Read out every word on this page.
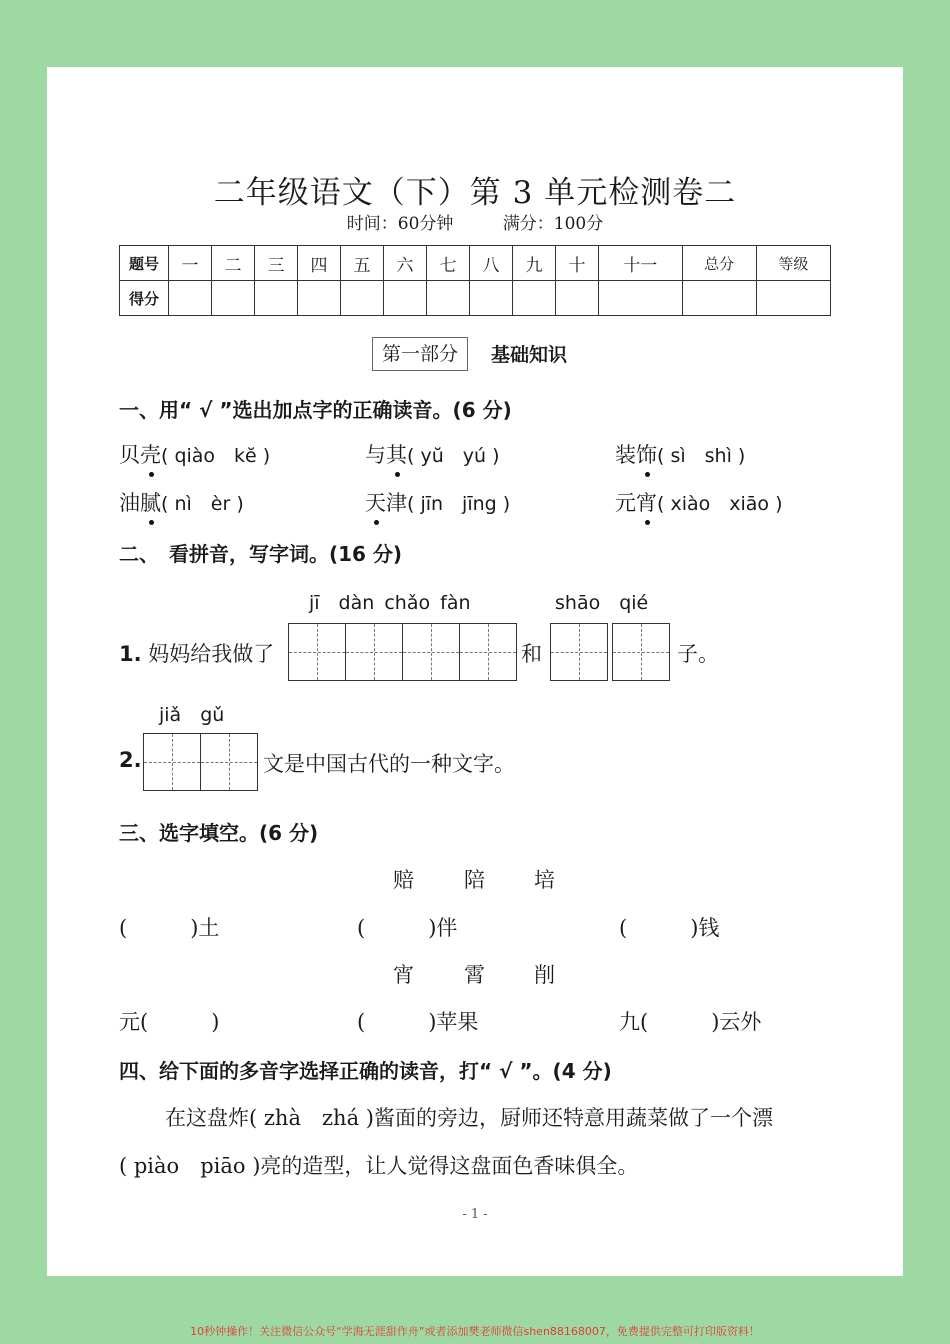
二年级语文（下）第 3 单元检测卷二
时间：60分钟	满分：100分
题号	一	二	三	四	五	六	七	八	九	十	十一	总分	等级
得分													
第一部分	基础知识
一、用“ √ ”选出加点字的正确读音。(6 分)
贝壳( qiào　kĕ )	与其( yŭ　yú )	装饰( sì　shì )
油腻( nì　èr )	天津( jīn　jīng )	元宵( xiào　xiāo )
二、　看拼音，写字词。(16 分)
jī　dàn chǎo fàn	shāo　qié
1. 妈妈给我做了	和	子。
jiǎ　gǔ
2.	文是中国古代的一种文字。
三、选字填空。(6 分)
赔 陪 培
(　　　)土	(　　　)伴	(　　　)钱
宵 霄 削
元(　　　)	(　　　)苹果	九(　　　)云外
四、给下面的多音字选择正确的读音，打“ √ ”。(4 分)
在这盘炸( zhà　zhá )酱面的旁边，厨师还特意用蔬菜做了一个漂
( piào　piāo )亮的造型，让人觉得这盘面色香味俱全。
- 1 -
10秒钟操作！关注微信公众号“学海无涯甜作舟”或者添加樊老师微信shen88168007，免费提供完整可打印版资料！
